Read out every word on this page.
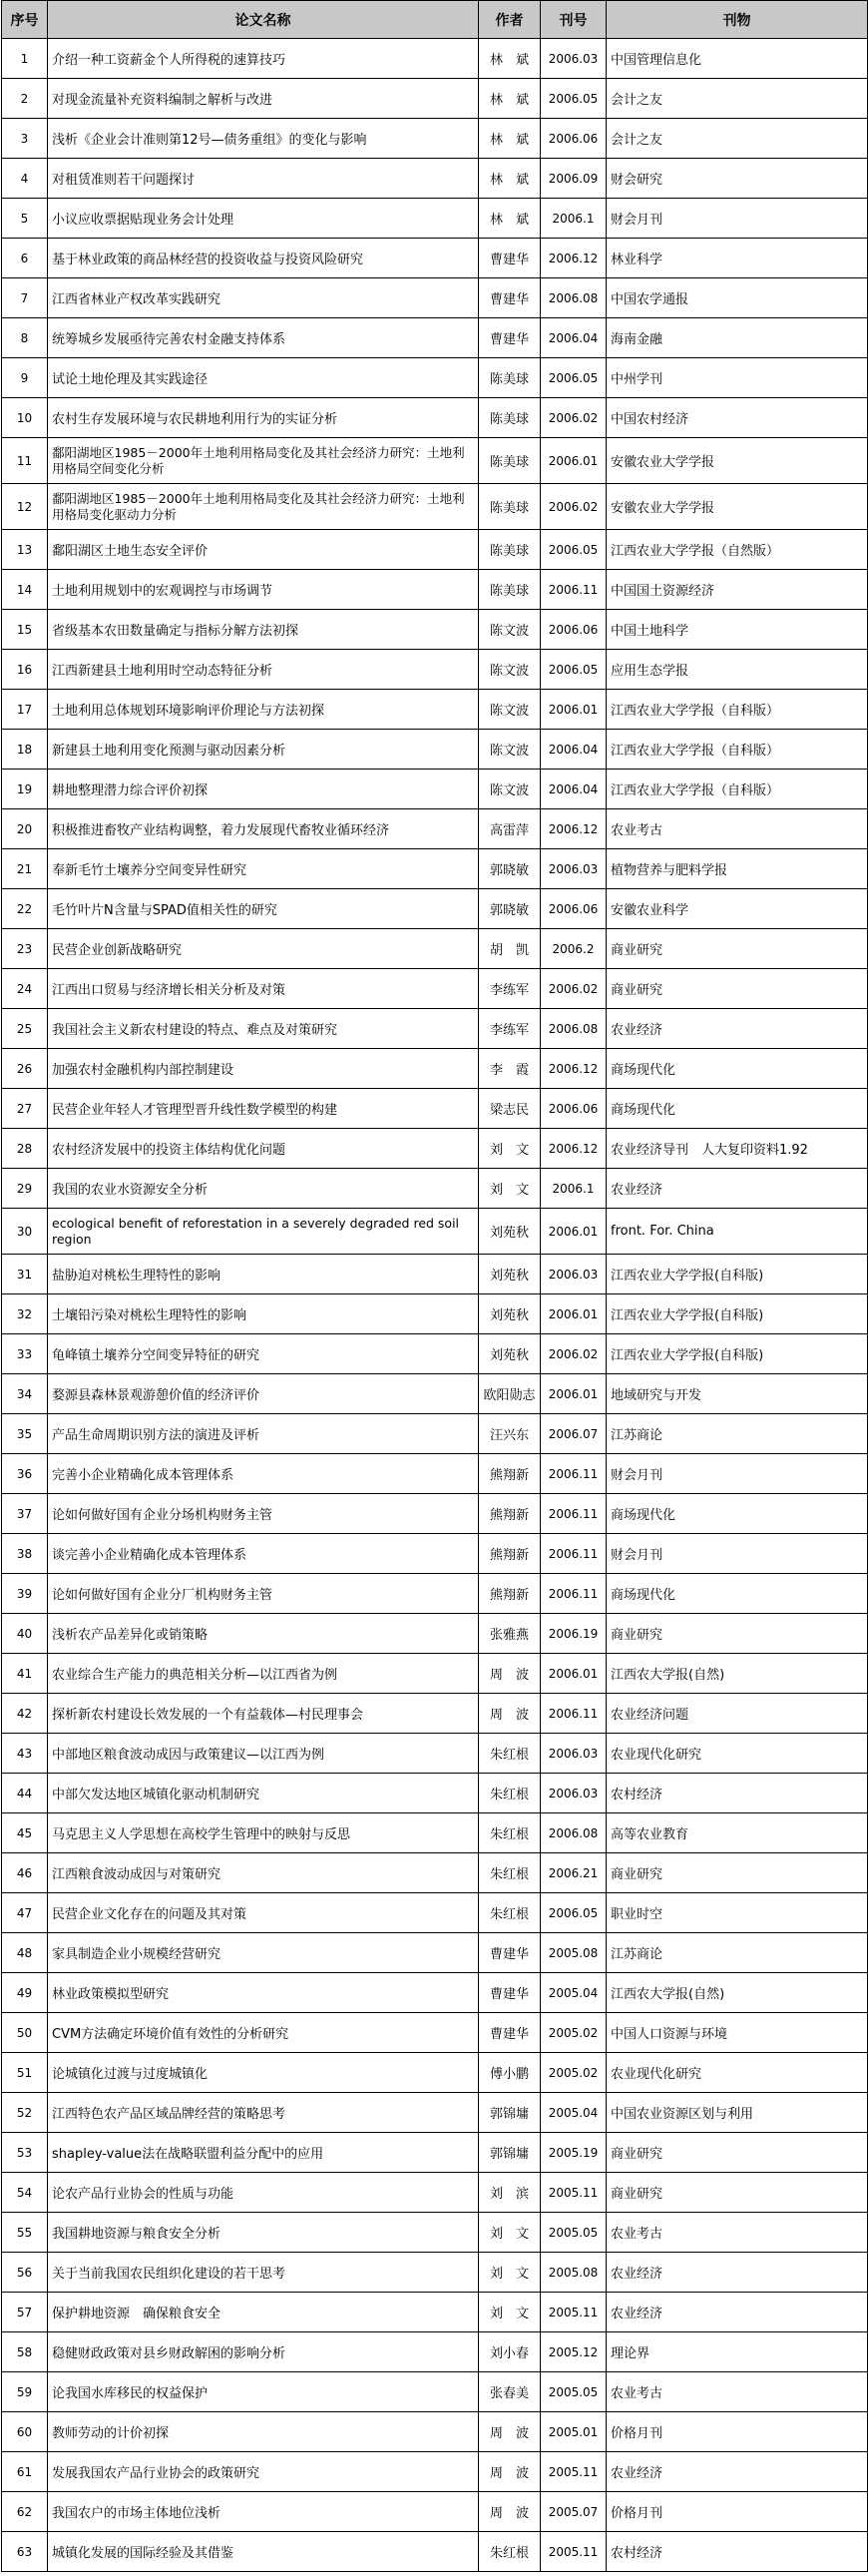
序号	论文名称	作者	刊号	刊物
1	介绍一种工资薪金个人所得税的速算技巧	林　斌	2006.03	中国管理信息化
2	对现金流量补充资料编制之解析与改进	林　斌	2006.05	会计之友
3	浅析《企业会计准则第12号—债务重组》的变化与影响	林　斌	2006.06	会计之友
4	对租赁准则若干问题探讨	林　斌	2006.09	财会研究
5	小议应收票据贴现业务会计处理	林　斌	2006.1	财会月刊
6	基于林业政策的商品林经营的投资收益与投资风险研究	曹建华	2006.12	林业科学
7	江西省林业产权改革实践研究	曹建华	2006.08	中国农学通报
8	统筹城乡发展亟待完善农村金融支持体系	曹建华	2006.04	海南金融
9	试论土地伦理及其实践途径	陈美球	2006.05	中州学刊
10	农村生存发展环境与农民耕地利用行为的实证分析	陈美球	2006.02	中国农村经济
11	鄱阳湖地区1985－2000年土地利用格局变化及其社会经济力研究：土地利用格局空间变化分析	陈美球	2006.01	安徽农业大学学报
12	鄱阳湖地区1985－2000年土地利用格局变化及其社会经济力研究：土地利用格局变化驱动力分析	陈美球	2006.02	安徽农业大学学报
13	鄱阳湖区土地生态安全评价	陈美球	2006.05	江西农业大学学报（自然版）
14	土地利用规划中的宏观调控与市场调节	陈美球	2006.11	中国国土资源经济
15	省级基本农田数量确定与指标分解方法初探	陈文波	2006.06	中国土地科学
16	江西新建县土地利用时空动态特征分析	陈文波	2006.05	应用生态学报
17	土地利用总体规划环境影响评价理论与方法初探	陈文波	2006.01	江西农业大学学报（自科版）
18	新建县土地利用变化预测与驱动因素分析	陈文波	2006.04	江西农业大学学报（自科版）
19	耕地整理潜力综合评价初探	陈文波	2006.04	江西农业大学学报（自科版）
20	积极推进畜牧产业结构调整，着力发展现代畜牧业循环经济	高雷萍	2006.12	农业考古
21	奉新毛竹土壤养分空间变异性研究	郭晓敏	2006.03	植物营养与肥料学报
22	毛竹叶片N含量与SPAD值相关性的研究	郭晓敏	2006.06	安徽农业科学
23	民营企业创新战略研究	胡　凯	2006.2	商业研究
24	江西出口贸易与经济增长相关分析及对策	李练军	2006.02	商业研究
25	我国社会主义新农村建设的特点、难点及对策研究	李练军	2006.08	农业经济
26	加强农村金融机构内部控制建设	李　霞	2006.12	商场现代化
27	民营企业年轻人才管理型晋升线性数学模型的构建	梁志民	2006.06	商场现代化
28	农村经济发展中的投资主体结构优化问题	刘　文	2006.12	农业经济导刊　人大复印资料1.92
29	我国的农业水资源安全分析	刘　文	2006.1	农业经济
30	ecological benefit of reforestation in a severely degraded red soil region	刘苑秋	2006.01	front. For. China
31	盐胁迫对桃松生理特性的影响	刘苑秋	2006.03	江西农业大学学报(自科版)
32	土壤铅污染对桃松生理特性的影响	刘苑秋	2006.01	江西农业大学学报(自科版)
33	龟峰镇土壤养分空间变异特征的研究	刘苑秋	2006.02	江西农业大学学报(自科版)
34	婺源县森林景观游憩价值的经济评价	欧阳勋志	2006.01	地域研究与开发
35	产品生命周期识别方法的演进及评析	汪兴东	2006.07	江苏商论
36	完善小企业精确化成本管理体系	熊翔新	2006.11	财会月刊
37	论如何做好国有企业分场机构财务主管	熊翔新	2006.11	商场现代化
38	谈完善小企业精确化成本管理体系	熊翔新	2006.11	财会月刊
39	论如何做好国有企业分厂机构财务主管	熊翔新	2006.11	商场现代化
40	浅析农产品差异化或销策略	张雅燕	2006.19	商业研究
41	农业综合生产能力的典范相关分析—以江西省为例	周　波	2006.01	江西农大学报(自然)
42	探析新农村建设长效发展的一个有益载体—村民理事会	周　波	2006.11	农业经济问题
43	中部地区粮食波动成因与政策建议—以江西为例	朱红根	2006.03	农业现代化研究
44	中部欠发达地区城镇化驱动机制研究	朱红根	2006.03	农村经济
45	马克思主义人学思想在高校学生管理中的映射与反思	朱红根	2006.08	高等农业教育
46	江西粮食波动成因与对策研究	朱红根	2006.21	商业研究
47	民营企业文化存在的问题及其对策	朱红根	2006.05	职业时空
48	家具制造企业小规模经营研究	曹建华	2005.08	江苏商论
49	林业政策模拟型研究	曹建华	2005.04	江西农大学报(自然)
50	CVM方法确定环境价值有效性的分析研究	曹建华	2005.02	中国人口资源与环境
51	论城镇化过渡与过度城镇化	傅小鹏	2005.02	农业现代化研究
52	江西特色农产品区域品牌经营的策略思考	郭锦墉	2005.04	中国农业资源区划与利用
53	shapley-value法在战略联盟利益分配中的应用	郭锦墉	2005.19	商业研究
54	论农产品行业协会的性质与功能	刘　滨	2005.11	商业研究
55	我国耕地资源与粮食安全分析	刘　文	2005.05	农业考古
56	关于当前我国农民组织化建设的若干思考	刘　文	2005.08	农业经济
57	保护耕地资源　确保粮食安全	刘　文	2005.11	农业经济
58	稳健财政政策对县乡财政解困的影响分析	刘小春	2005.12	理论界
59	论我国水库移民的权益保护	张春美	2005.05	农业考古
60	教师劳动的计价初探	周　波	2005.01	价格月刊
61	发展我国农产品行业协会的政策研究	周　波	2005.11	农业经济
62	我国农户的市场主体地位浅析	周　波	2005.07	价格月刊
63	城镇化发展的国际经验及其借鉴	朱红根	2005.11	农村经济
